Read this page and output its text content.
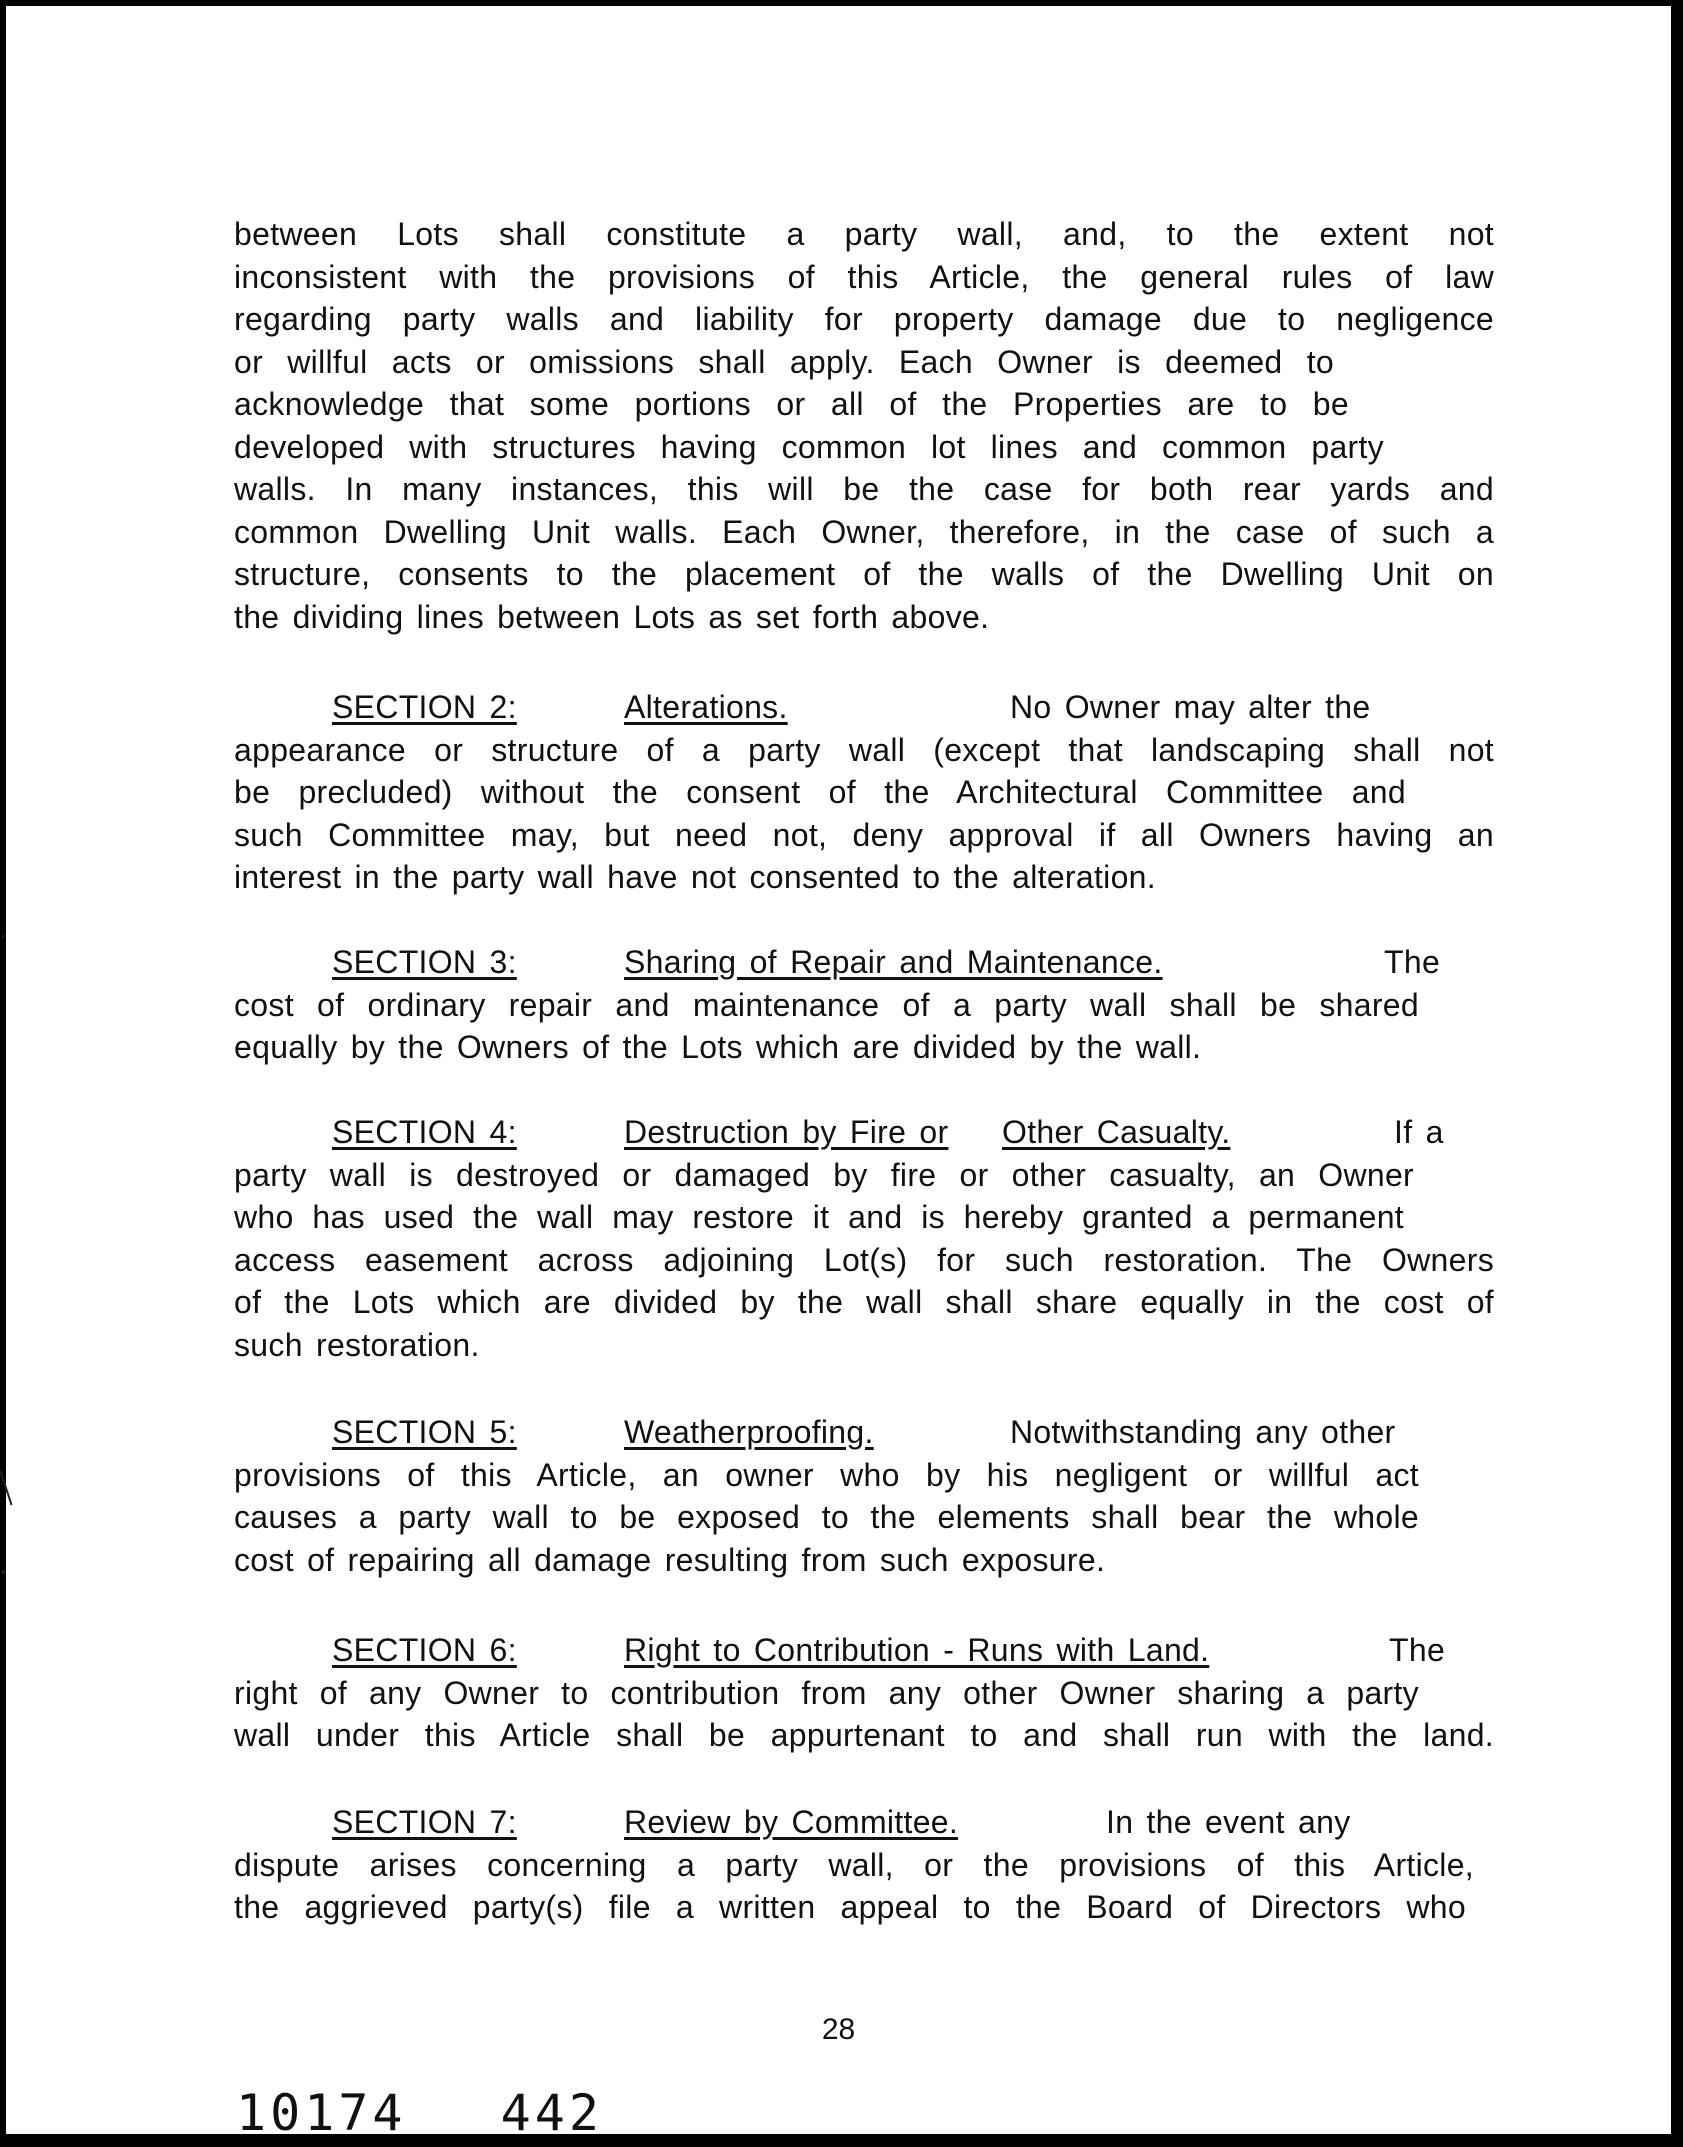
between Lots shall constitute a party wall, and, to the extent not

inconsistent with the provisions of this Article, the general rules of law

regarding party walls and liability for property damage due to negligence

or willful acts or omissions shall apply. Each Owner is deemed to

acknowledge that some portions or all of the Properties are to be

developed with structures having common lot lines and common party

walls. In many instances, this will be the case for both rear yards and

common Dwelling Unit walls. Each Owner, therefore, in the case of such a

structure, consents to the placement of the walls of the Dwelling Unit on

the dividing lines between Lots as set forth above.

SECTION 2:	Alterations.	No Owner may alter the

appearance or structure of a party wall (except that landscaping shall not

be precluded) without the consent of the Architectural Committee and

such Committee may, but need not, deny approval if all Owners having an

interest in the party wall have not consented to the alteration.

SECTION 3:	Sharing of Repair and Maintenance.	The

cost of ordinary repair and maintenance of a party wall shall be shared

equally by the Owners of the Lots which are divided by the wall.

SECTION 4:	Destruction by Fire or Other Casualty.	If a

party wall is destroyed or damaged by fire or other casualty, an Owner

who has used the wall may restore it and is hereby granted a permanent

access easement across adjoining Lot(s) for such restoration. The Owners

of the Lots which are divided by the wall shall share equally in the cost of

such restoration.

SECTION 5:	Weatherproofing.	Notwithstanding any other

provisions of this Article, an owner who by his negligent or willful act

causes a party wall to be exposed to the elements shall bear the whole

cost of repairing all damage resulting from such exposure.

SECTION 6:	Right to Contribution - Runs with Land.	The

right of any Owner to contribution from any other Owner sharing a party

wall under this Article shall be appurtenant to and shall run with the land.

SECTION 7:	Review by Committee.	In the event any

dispute arises concerning a party wall, or the provisions of this Article,

the aggrieved party(s) file a written appeal to the Board of Directors who

28
10174 442
